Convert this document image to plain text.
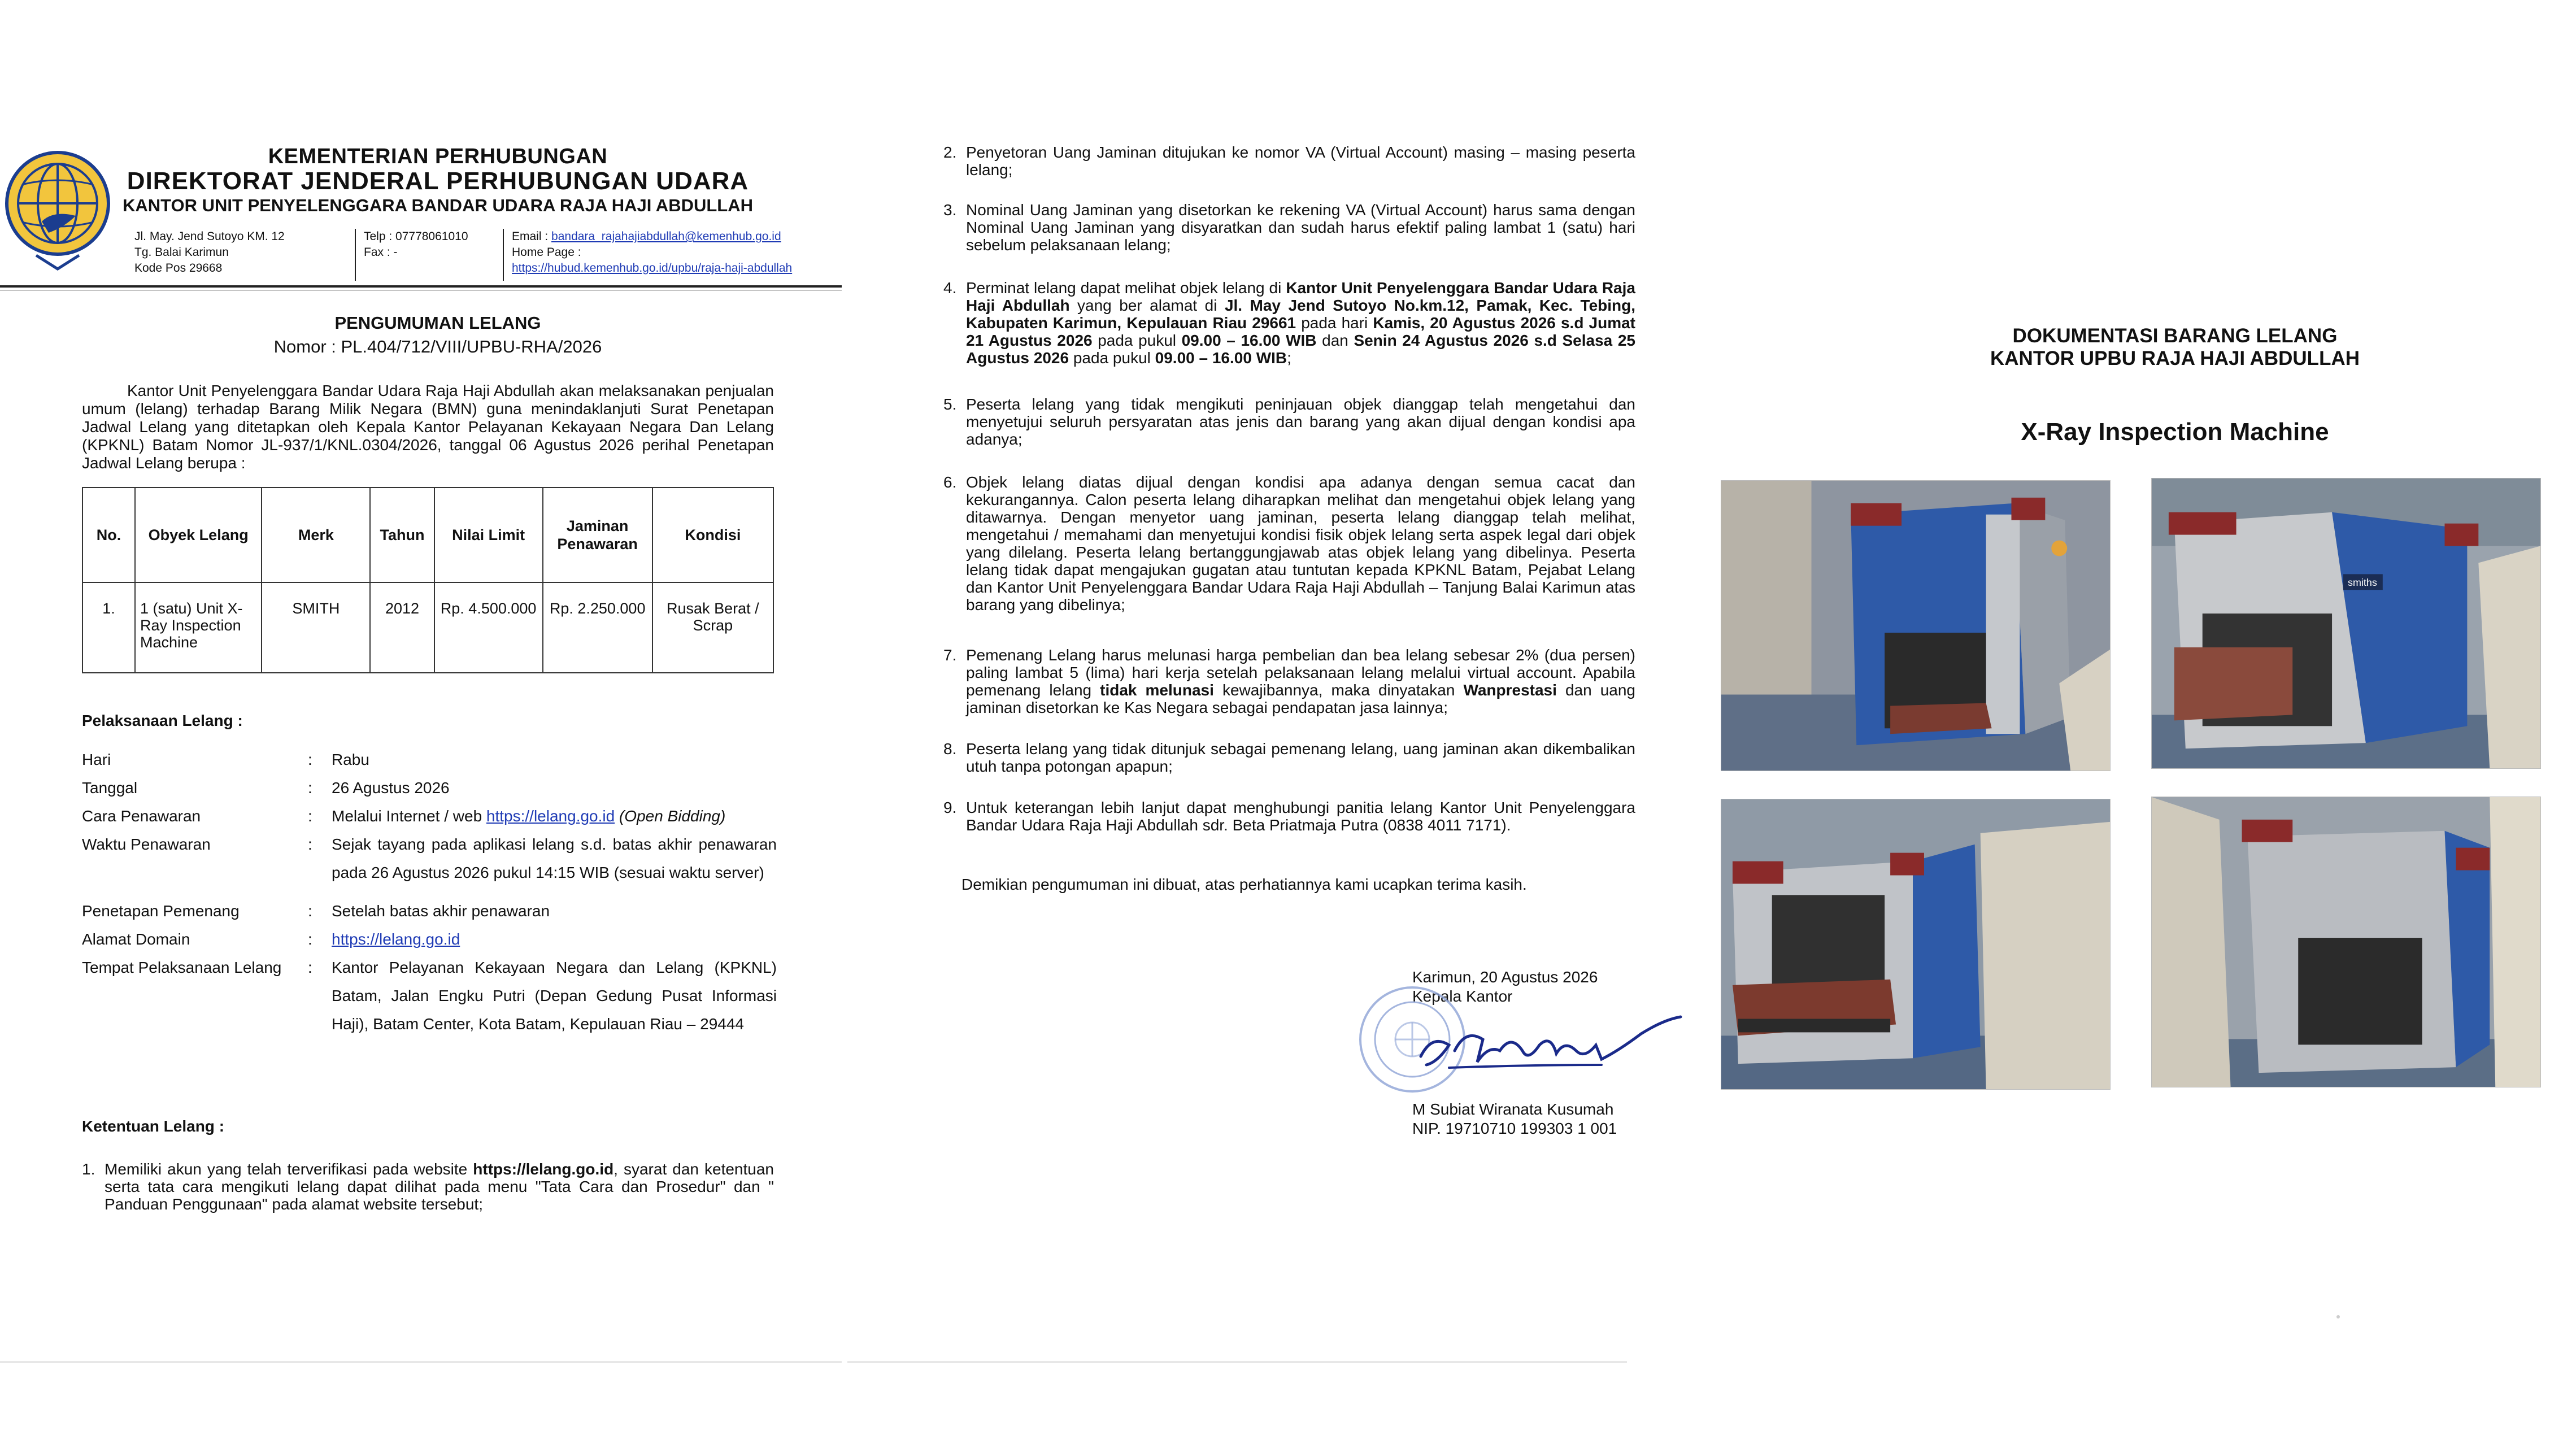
KEMENTERIAN PERHUBUNGAN
DIREKTORAT JENDERAL PERHUBUNGAN UDARA
KANTOR UNIT PENYELENGGARA BANDAR UDARA RAJA HAJI ABDULLAH
Jl. May. Jend Sutoyo KM. 12
Tg. Balai Karimun
Kode Pos 29668
Telp : 07778061010
Fax : -
Email : bandara_rajahajiabdullah@kemenhub.go.id
Home Page :
https://hubud.kemenhub.go.id/upbu/raja-haji-abdullah
PENGUMUMAN LELANG
Nomor : PL.404/712/VIII/UPBU-RHA/2026
Kantor Unit Penyelenggara Bandar Udara Raja Haji Abdullah akan melaksanakan penjualan umum (lelang) terhadap Barang Milik Negara (BMN) guna menindaklanjuti Surat Penetapan Jadwal Lelang yang ditetapkan oleh Kepala Kantor Pelayanan Kekayaan Negara Dan Lelang (KPKNL) Batam Nomor JL-937/1/KNL.0304/2026, tanggal 06 Agustus 2026 perihal Penetapan Jadwal Lelang berupa :
No.	Obyek Lelang	Merk	Tahun	Nilai Limit	Jaminan Penawaran	Kondisi
1.	1 (satu) Unit X-Ray Inspection Machine	SMITH	2012	Rp. 4.500.000	Rp. 2.250.000	Rusak Berat / Scrap
Pelaksanaan Lelang :
Hari	:	Rabu
Tanggal	:	26 Agustus 2026
Cara Penawaran	:	Melalui Internet / web https://lelang.go.id (Open Bidding)
Waktu Penawaran	:	Sejak tayang pada aplikasi lelang s.d. batas akhir penawaran pada 26 Agustus 2026 pukul 14:15 WIB (sesuai waktu server)
Penetapan Pemenang	:	Setelah batas akhir penawaran
Alamat Domain	:	https://lelang.go.id
Tempat Pelaksanaan Lelang	:	Kantor Pelayanan Kekayaan Negara dan Lelang (KPKNL) Batam, Jalan Engku Putri (Depan Gedung Pusat Informasi Haji), Batam Center, Kota Batam, Kepulauan Riau – 29444
Ketentuan Lelang :
1. Memiliki akun yang telah terverifikasi pada website https://lelang.go.id, syarat dan ketentuan serta tata cara mengikuti lelang dapat dilihat pada menu "Tata Cara dan Prosedur" dan " Panduan Penggunaan" pada alamat website tersebut;
2. Penyetoran Uang Jaminan ditujukan ke nomor VA (Virtual Account) masing – masing peserta lelang;
3. Nominal Uang Jaminan yang disetorkan ke rekening VA (Virtual Account) harus sama dengan Nominal Uang Jaminan yang disyaratkan dan sudah harus efektif paling lambat 1 (satu) hari sebelum pelaksanaan lelang;
4. Perminat lelang dapat melihat objek lelang di Kantor Unit Penyelenggara Bandar Udara Raja Haji Abdullah yang ber alamat di Jl. May Jend Sutoyo No.km.12, Pamak, Kec. Tebing, Kabupaten Karimun, Kepulauan Riau 29661 pada hari Kamis, 20 Agustus 2026 s.d Jumat 21 Agustus 2026 pada pukul 09.00 – 16.00 WIB dan Senin 24 Agustus 2026 s.d Selasa 25 Agustus 2026 pada pukul 09.00 – 16.00 WIB;
5. Peserta lelang yang tidak mengikuti peninjauan objek dianggap telah mengetahui dan menyetujui seluruh persyaratan atas jenis dan barang yang akan dijual dengan kondisi apa adanya;
6. Objek lelang diatas dijual dengan kondisi apa adanya dengan semua cacat dan kekurangannya. Calon peserta lelang diharapkan melihat dan mengetahui objek lelang yang ditawarnya. Dengan menyetor uang jaminan, peserta lelang dianggap telah melihat, mengetahui / memahami dan menyetujui kondisi fisik objek lelang serta aspek legal dari objek yang dilelang. Peserta lelang bertanggungjawab atas objek lelang yang dibelinya. Peserta lelang tidak dapat mengajukan gugatan atau tuntutan kepada KPKNL Batam, Pejabat Lelang dan Kantor Unit Penyelenggara Bandar Udara Raja Haji Abdullah – Tanjung Balai Karimun atas barang yang dibelinya;
7. Pemenang Lelang harus melunasi harga pembelian dan bea lelang sebesar 2% (dua persen) paling lambat 5 (lima) hari kerja setelah pelaksanaan lelang melalui virtual account. Apabila pemenang lelang tidak melunasi kewajibannya, maka dinyatakan Wanprestasi dan uang jaminan disetorkan ke Kas Negara sebagai pendapatan jasa lainnya;
8. Peserta lelang yang tidak ditunjuk sebagai pemenang lelang, uang jaminan akan dikembalikan utuh tanpa potongan apapun;
9. Untuk keterangan lebih lanjut dapat menghubungi panitia lelang Kantor Unit Penyelenggara Bandar Udara Raja Haji Abdullah sdr. Beta Priatmaja Putra (0838 4011 7171).
Demikian pengumuman ini dibuat, atas perhatiannya kami ucapkan terima kasih.
Karimun, 20 Agustus 2026
Kepala Kantor
M Subiat Wiranata Kusumah
NIP. 19710710 199303 1 001
DOKUMENTASI BARANG LELANG
KANTOR UPBU RAJA HAJI ABDULLAH
X-Ray Inspection Machine
smiths
